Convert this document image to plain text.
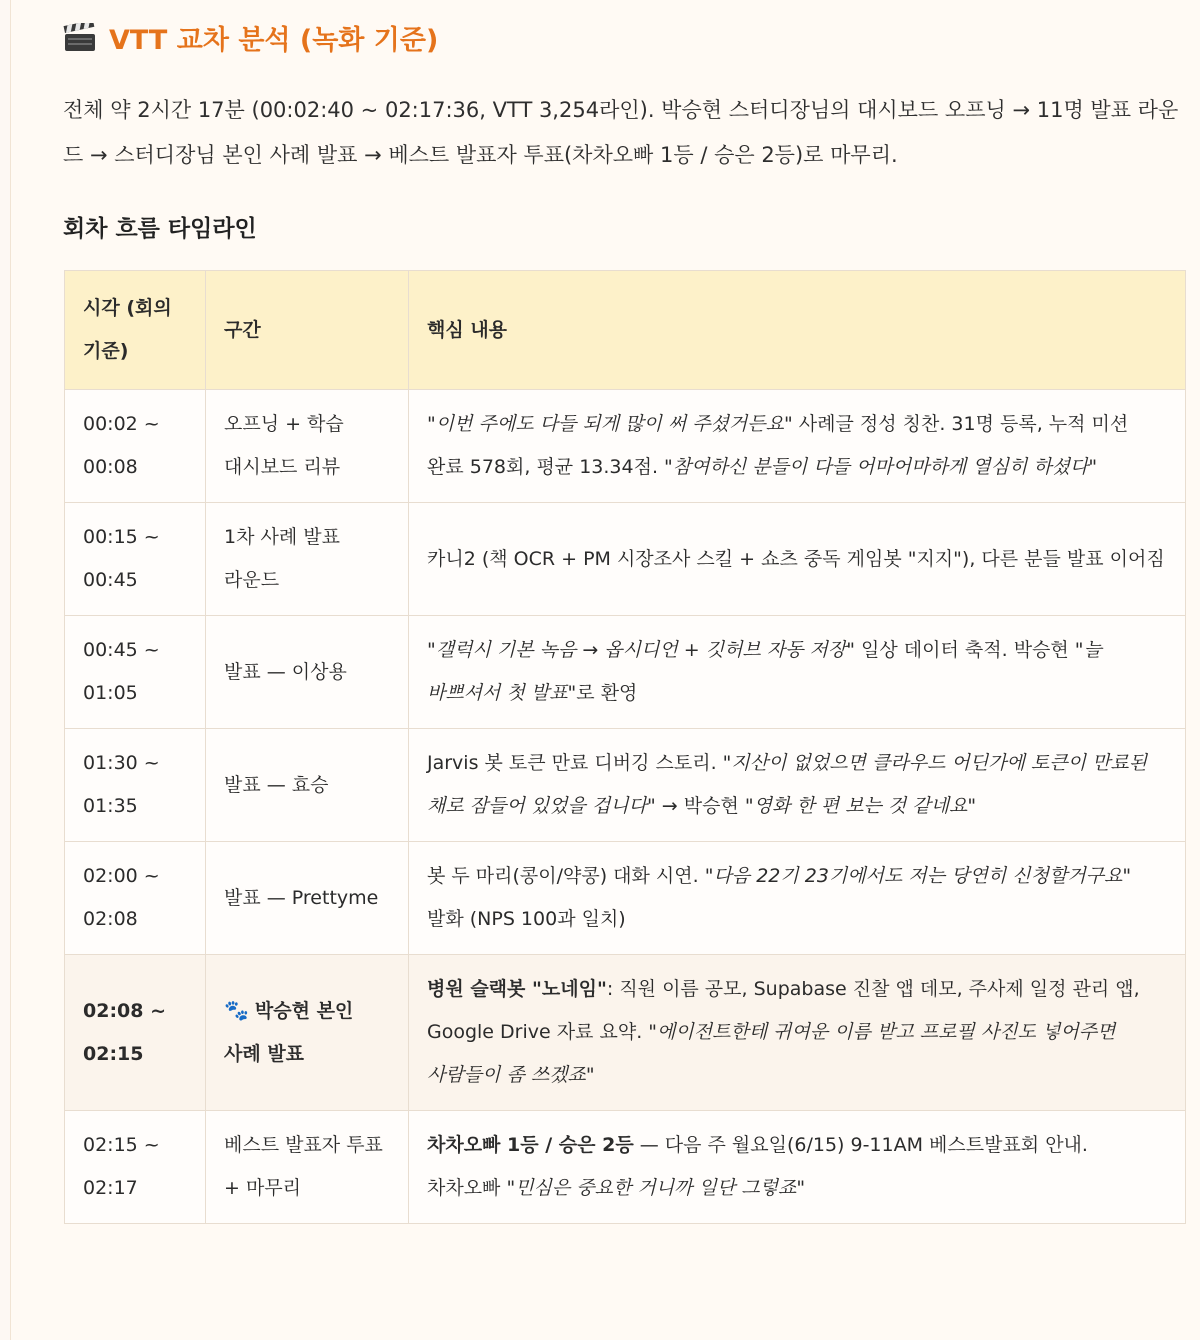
VTT 교차 분석 (녹화 기준)

전체 약 2시간 17분 (00:02:40 ~ 02:17:36, VTT 3,254라인). 박승현 스터디장님의 대시보드 오프닝 → 11명 발표 라운드 → 스터디장님 본인 사례 발표 → 베스트 발표자 투표(차차오빠 1등 / 승은 2등)로 마무리.

회차 흐름 타임라인
시각 (회의 기준)	구간	핵심 내용
00:02 ~ 00:08	오프닝 + 학습 대시보드 리뷰	"이번 주에도 다들 되게 많이 써 주셨거든요" 사례글 정성 칭찬. 31명 등록, 누적 미션 완료 578회, 평균 13.34점. "참여하신 분들이 다들 어마어마하게 열심히 하셨다"
00:15 ~ 00:45	1차 사례 발표 라운드	카니2 (책 OCR + PM 시장조사 스킬 + 쇼츠 중독 게임봇 "지지"), 다른 분들 발표 이어짐
00:45 ~ 01:05	발표 — 이상용	"갤럭시 기본 녹음 → 옵시디언 + 깃허브 자동 저장" 일상 데이터 축적. 박승현 "늘 바쁘셔서 첫 발표"로 환영
01:30 ~ 01:35	발표 — 효승	Jarvis 봇 토큰 만료 디버깅 스토리. "지산이 없었으면 클라우드 어딘가에 토큰이 만료된 채로 잠들어 있었을 겁니다" → 박승현 "영화 한 편 보는 것 같네요"
02:00 ~ 02:08	발표 — Prettyme	봇 두 마리(콩이/약콩) 대화 시연. "다음 22기 23기에서도 저는 당연히 신청할거구요" 발화 (NPS 100과 일치)
02:08 ~ 02:15	🐾 박승현 본인 사례 발표	병원 슬랙봇 "노네임": 직원 이름 공모, Supabase 진찰 앱 데모, 주사제 일정 관리 앱, Google Drive 자료 요약. "에이전트한테 귀여운 이름 받고 프로필 사진도 넣어주면 사람들이 좀 쓰겠죠"
02:15 ~ 02:17	베스트 발표자 투표 + 마무리	차차오빠 1등 / 승은 2등 — 다음 주 월요일(6/15) 9-11AM 베스트발표회 안내. 차차오빠 "민심은 중요한 거니까 일단 그렇죠"
